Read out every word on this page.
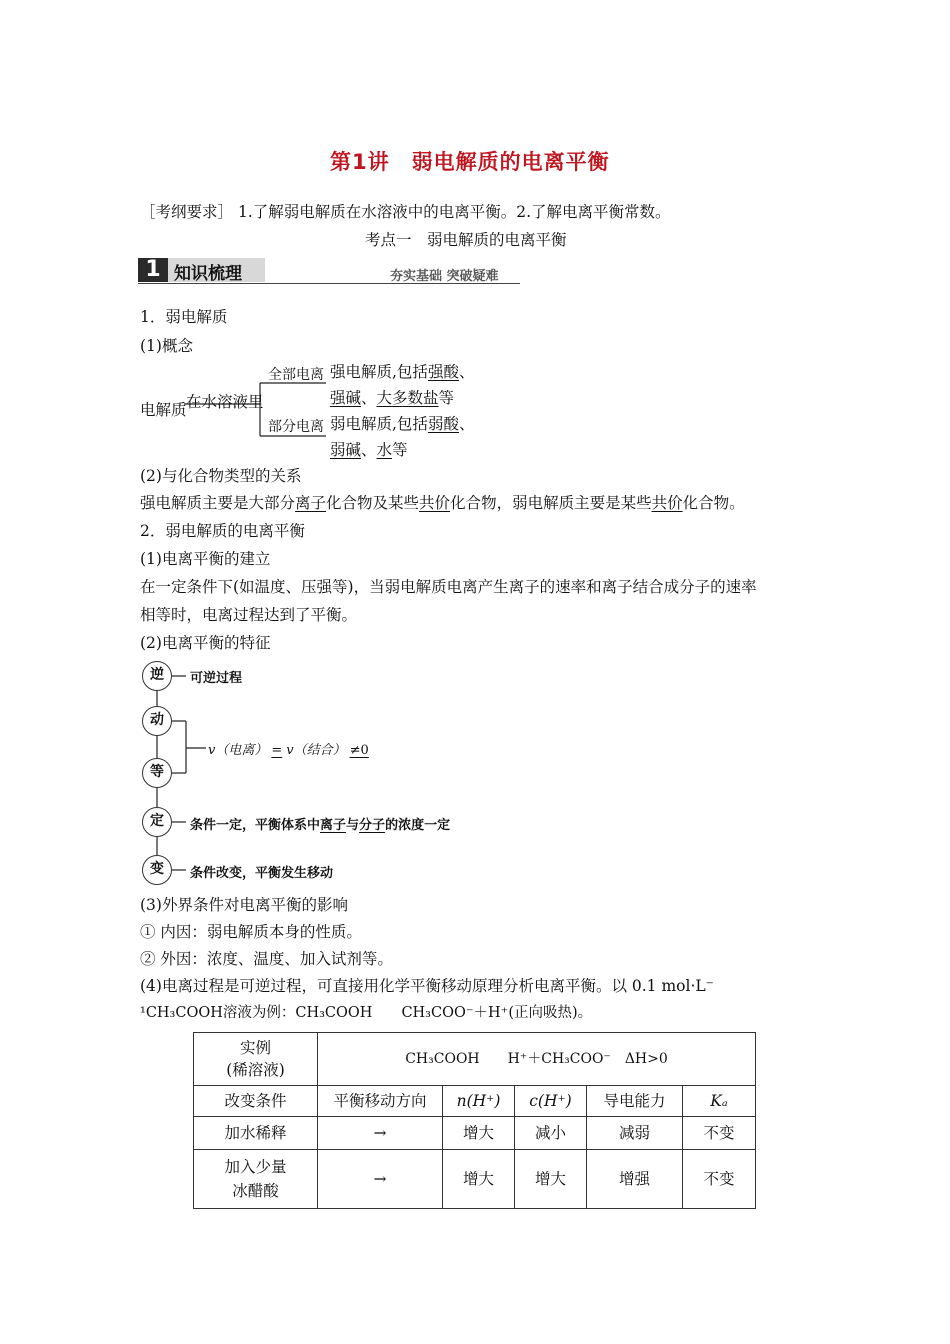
第1讲　弱电解质的电离平衡
［考纲要求］ 1.了解弱电解质在水溶液中的电离平衡。2.了解电离平衡常数。
考点一　弱电解质的电离平衡
1 知识梳理	夯实基础 突破疑难
1．弱电解质
(1)概念
电解质 在水溶液里
全部电离
部分电离
强电解质,包括强酸、
强碱、大多数盐等
弱电解质,包括弱酸、
弱碱、水等
(2)与化合物类型的关系
强电解质主要是大部分离子化合物及某些共价化合物，弱电解质主要是某些共价化合物。
2．弱电解质的电离平衡
(1)电离平衡的建立
在一定条件下(如温度、压强等)，当弱电解质电离产生离子的速率和离子结合成分子的速率
相等时，电离过程达到了平衡。
(2)电离平衡的特征
逆
动
等
定
变
可逆过程
v（电离） = v（结合） ≠0
条件一定，平衡体系中离子与分子的浓度一定
条件改变，平衡发生移动
(3)外界条件对电离平衡的影响
① 内因：弱电解质本身的性质。
② 外因：浓度、温度、加入试剂等。
(4)电离过程是可逆过程，可直接用化学平衡移动原理分析电离平衡。以 0.1 mol·L⁻
¹CH₃COOH溶液为例：CH₃COOH　　CH₃COO⁻＋H⁺(正向吸热)。
实例
(稀溶液)	CH₃COOH　　H⁺＋CH₃COO⁻　ΔH>0				
改变条件	平衡移动方向	n(H⁺)	c(H⁺)	导电能力	Kₐ
加水稀释	→	增大	减小	减弱	不变

加入少量
冰醋酸	→	增大	增大	增强	不变
